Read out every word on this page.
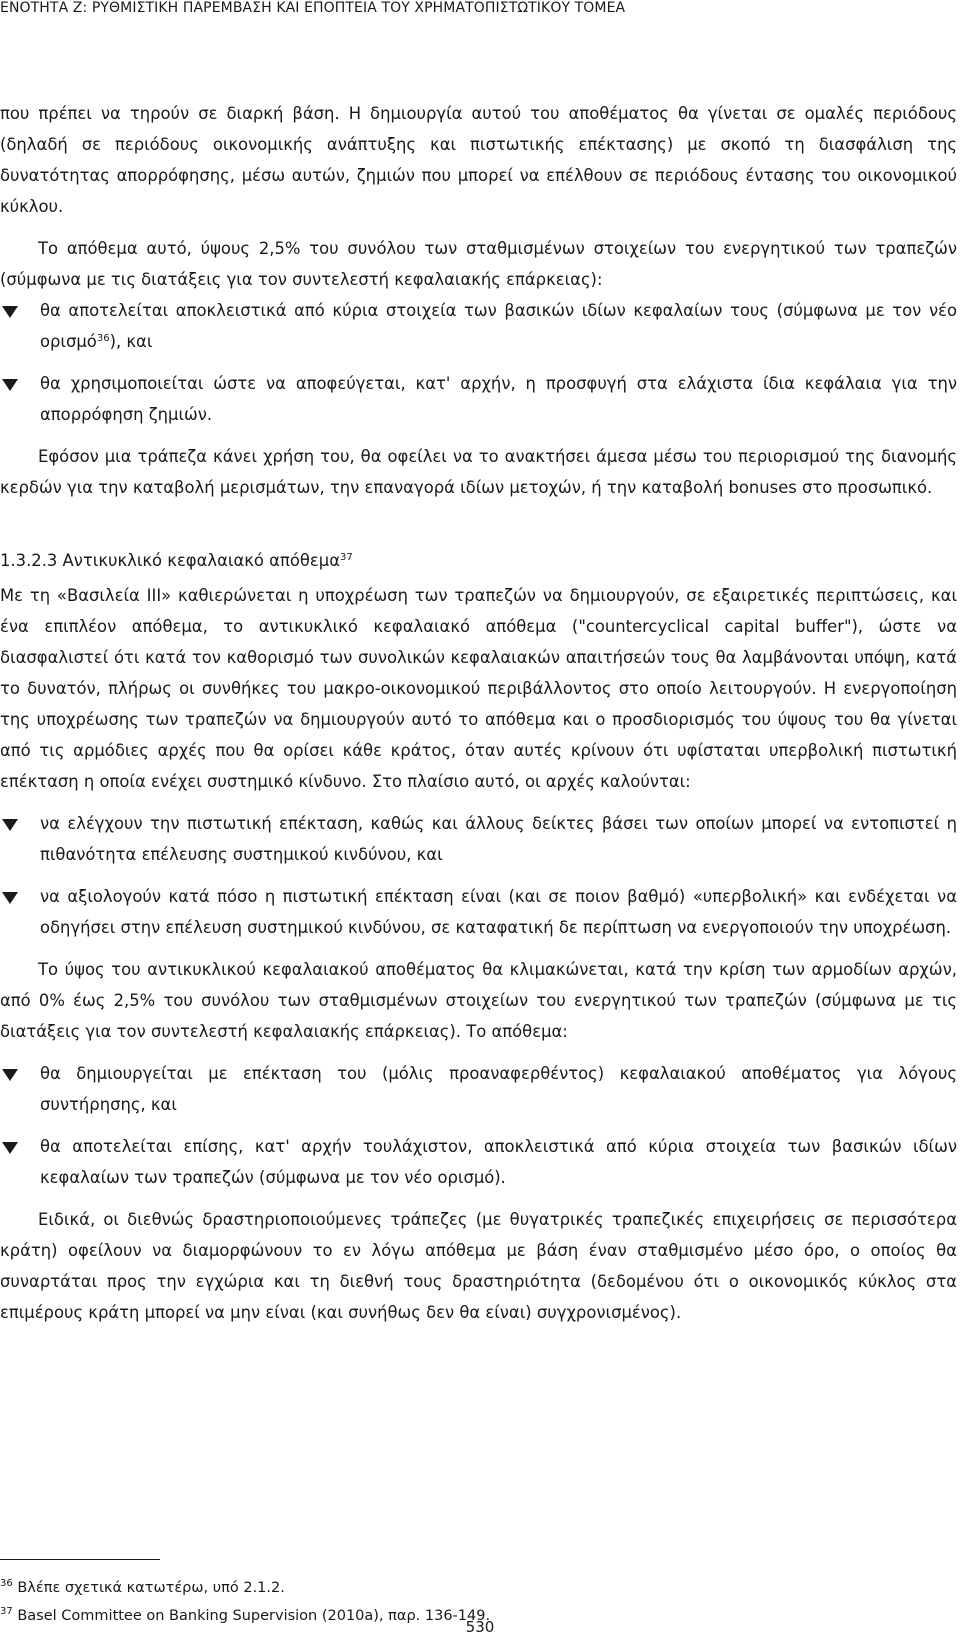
ΕΝΟΤΗΤΑ Ζ: ΡΥΘΜΙΣΤΙΚΗ ΠΑΡΕΜΒΑΣΗ ΚΑΙ ΕΠΟΠΤΕΙΑ ΤΟΥ ΧΡΗΜΑΤΟΠΙΣΤΩΤΙΚΟΥ ΤΟΜΕΑ

που πρέπει να τηρούν σε διαρκή βάση. Η δημιουργία αυτού του αποθέματος θα γίνεται σε ομαλές περιόδους (δηλαδή σε περιόδους οικονομικής ανάπτυξης και πιστωτικής επέκτασης) με σκοπό τη διασφάλιση της δυνατότητας απορρόφησης, μέσω αυτών, ζημιών που μπορεί να επέλθουν σε περιόδους έντασης του οικονομικού κύκλου.

Το απόθεμα αυτό, ύψους 2,5% του συνόλου των σταθμισμένων στοιχείων του ενεργητικού των τραπεζών (σύμφωνα με τις διατάξεις για τον συντελεστή κεφαλαιακής επάρκειας):

θα αποτελείται αποκλειστικά από κύρια στοιχεία των βασικών ιδίων κεφαλαίων τους (σύμφωνα με τον νέο ορισμό$^{36}$), και
θα χρησιμοποιείται ώστε να αποφεύγεται, κατ' αρχήν, η προσφυγή στα ελάχιστα ίδια κεφάλαια για την απορρόφηση ζημιών.

Εφόσον μια τράπεζα κάνει χρήση του, θα οφείλει να το ανακτήσει άμεσα μέσω του περιορισμού της διανομής κερδών για την καταβολή μερισμάτων, την επαναγορά ιδίων μετοχών, ή την καταβολή bonuses στο προσωπικό.

1.3.2.3 Αντικυκλικό κεφαλαιακό απόθεμα$^{37}$

Με τη «Βασιλεία ΙΙΙ» καθιερώνεται η υποχρέωση των τραπεζών να δημιουργούν, σε εξαιρετικές περιπτώσεις, και ένα επιπλέον απόθεμα, το αντικυκλικό κεφαλαιακό απόθεμα ("countercyclical capital buffer"), ώστε να διασφαλιστεί ότι κατά τον καθορισμό των συνολικών κεφαλαιακών απαιτήσεών τους θα λαμβάνονται υπόψη, κατά το δυνατόν, πλήρως οι συνθήκες του μακρο-οικονομικού περιβάλλοντος στο οποίο λειτουργούν. Η ενεργοποίηση της υποχρέωσης των τραπεζών να δημιουργούν αυτό το απόθεμα και ο προσδιορισμός του ύψους του θα γίνεται από τις αρμόδιες αρχές που θα ορίσει κάθε κράτος, όταν αυτές κρίνουν ότι υφίσταται υπερβολική πιστωτική επέκταση η οποία ενέχει συστημικό κίνδυνο. Στο πλαίσιο αυτό, οι αρχές καλούνται:

να ελέγχουν την πιστωτική επέκταση, καθώς και άλλους δείκτες βάσει των οποίων μπορεί να εντοπιστεί η πιθανότητα επέλευσης συστημικού κινδύνου, και
να αξιολογούν κατά πόσο η πιστωτική επέκταση είναι (και σε ποιον βαθμό) «υπερβολική» και ενδέχεται να οδηγήσει στην επέλευση συστημικού κινδύνου, σε καταφατική δε περίπτωση να ενεργοποιούν την υποχρέωση.

Το ύψος του αντικυκλικού κεφαλαιακού αποθέματος θα κλιμακώνεται, κατά την κρίση των αρμοδίων αρχών, από 0% έως 2,5% του συνόλου των σταθμισμένων στοιχείων του ενεργητικού των τραπεζών (σύμφωνα με τις διατάξεις για τον συντελεστή κεφαλαιακής επάρκειας). Το απόθεμα:

θα δημιουργείται με επέκταση του (μόλις προαναφερθέντος) κεφαλαιακού αποθέματος για λόγους συντήρησης, και
θα αποτελείται επίσης, κατ' αρχήν τουλάχιστον, αποκλειστικά από κύρια στοιχεία των βασικών ιδίων κεφαλαίων των τραπεζών (σύμφωνα με τον νέο ορισμό).

Ειδικά, οι διεθνώς δραστηριοποιούμενες τράπεζες (με θυγατρικές τραπεζικές επιχειρήσεις σε περισσότερα κράτη) οφείλουν να διαμορφώνουν το εν λόγω απόθεμα με βάση έναν σταθμισμένο μέσο όρο, ο οποίος θα συναρτάται προς την εγχώρια και τη διεθνή τους δραστηριότητα (δεδομένου ότι ο οικονομικός κύκλος στα επιμέρους κράτη μπορεί να μην είναι (και συνήθως δεν θα είναι) συγχρονισμένος).

$^{36}$ Βλέπε σχετικά κατωτέρω, υπό 2.1.2.

$^{37}$ Basel Committee on Banking Supervision (2010a), παρ. 136-149.

530
